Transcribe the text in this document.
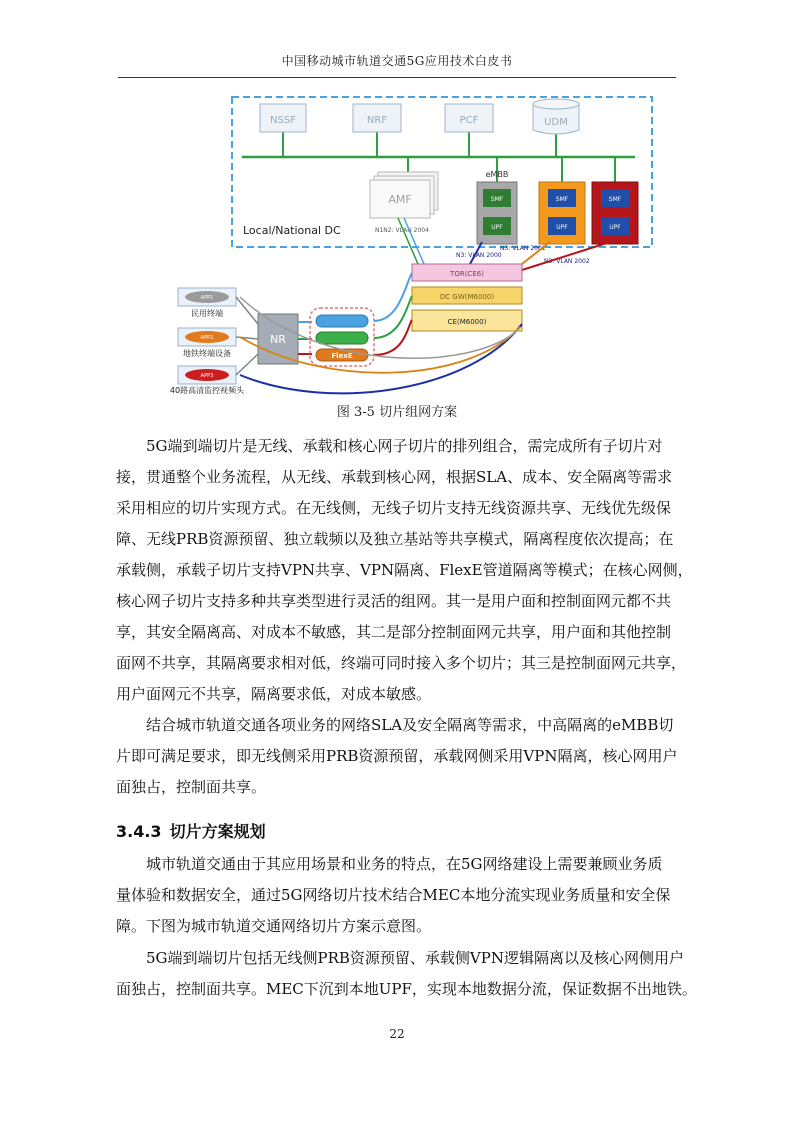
中国移动城市轨道交通5G应用技术白皮书
NSSF	NRF	PCF	UDM
AMF
eMBB
SMF
UPF
SMF
UPF
SMF
UPF
Local/National DC	N1N2: VLAN 2004
N3: VLAN 2000
N3: VLAN 2001
N3: VLAN 2002
TOR(CE6)
DC GW(M6000)
CE(M6000)
NR
APP1
民用终端
APP2
地铁终端设备
APP3
40路高清监控视频头
FlexE
图 3-5 切片组网方案

5G端到端切片是无线、承载和核心网子切片的排列组合，需完成所有子切片对
接，贯通整个业务流程，从无线、承载到核心网，根据SLA、成本、安全隔离等需求
采用相应的切片实现方式。在无线侧，无线子切片支持无线资源共享、无线优先级保
障、无线PRB资源预留、独立载频以及独立基站等共享模式，隔离程度依次提高；在
承载侧，承载子切片支持VPN共享、VPN隔离、FlexE管道隔离等模式；在核心网侧，
核心网子切片支持多种共享类型进行灵活的组网。其一是用户面和控制面网元都不共
享，其安全隔离高、对成本不敏感，其二是部分控制面网元共享，用户面和其他控制
面网不共享，其隔离要求相对低，终端可同时接入多个切片；其三是控制面网元共享，
用户面网元不共享，隔离要求低，对成本敏感。

结合城市轨道交通各项业务的网络SLA及安全隔离等需求，中高隔离的eMBB切
片即可满足要求，即无线侧采用PRB资源预留，承载网侧采用VPN隔离，核心网用户
面独占，控制面共享。

3.4.3 切片方案规划

城市轨道交通由于其应用场景和业务的特点，在5G网络建设上需要兼顾业务质
量体验和数据安全，通过5G网络切片技术结合MEC本地分流实现业务质量和安全保
障。下图为城市轨道交通网络切片方案示意图。

5G端到端切片包括无线侧PRB资源预留、承载侧VPN逻辑隔离以及核心网侧用户
面独占，控制面共享。MEC下沉到本地UPF，实现本地数据分流，保证数据不出地铁。

22
